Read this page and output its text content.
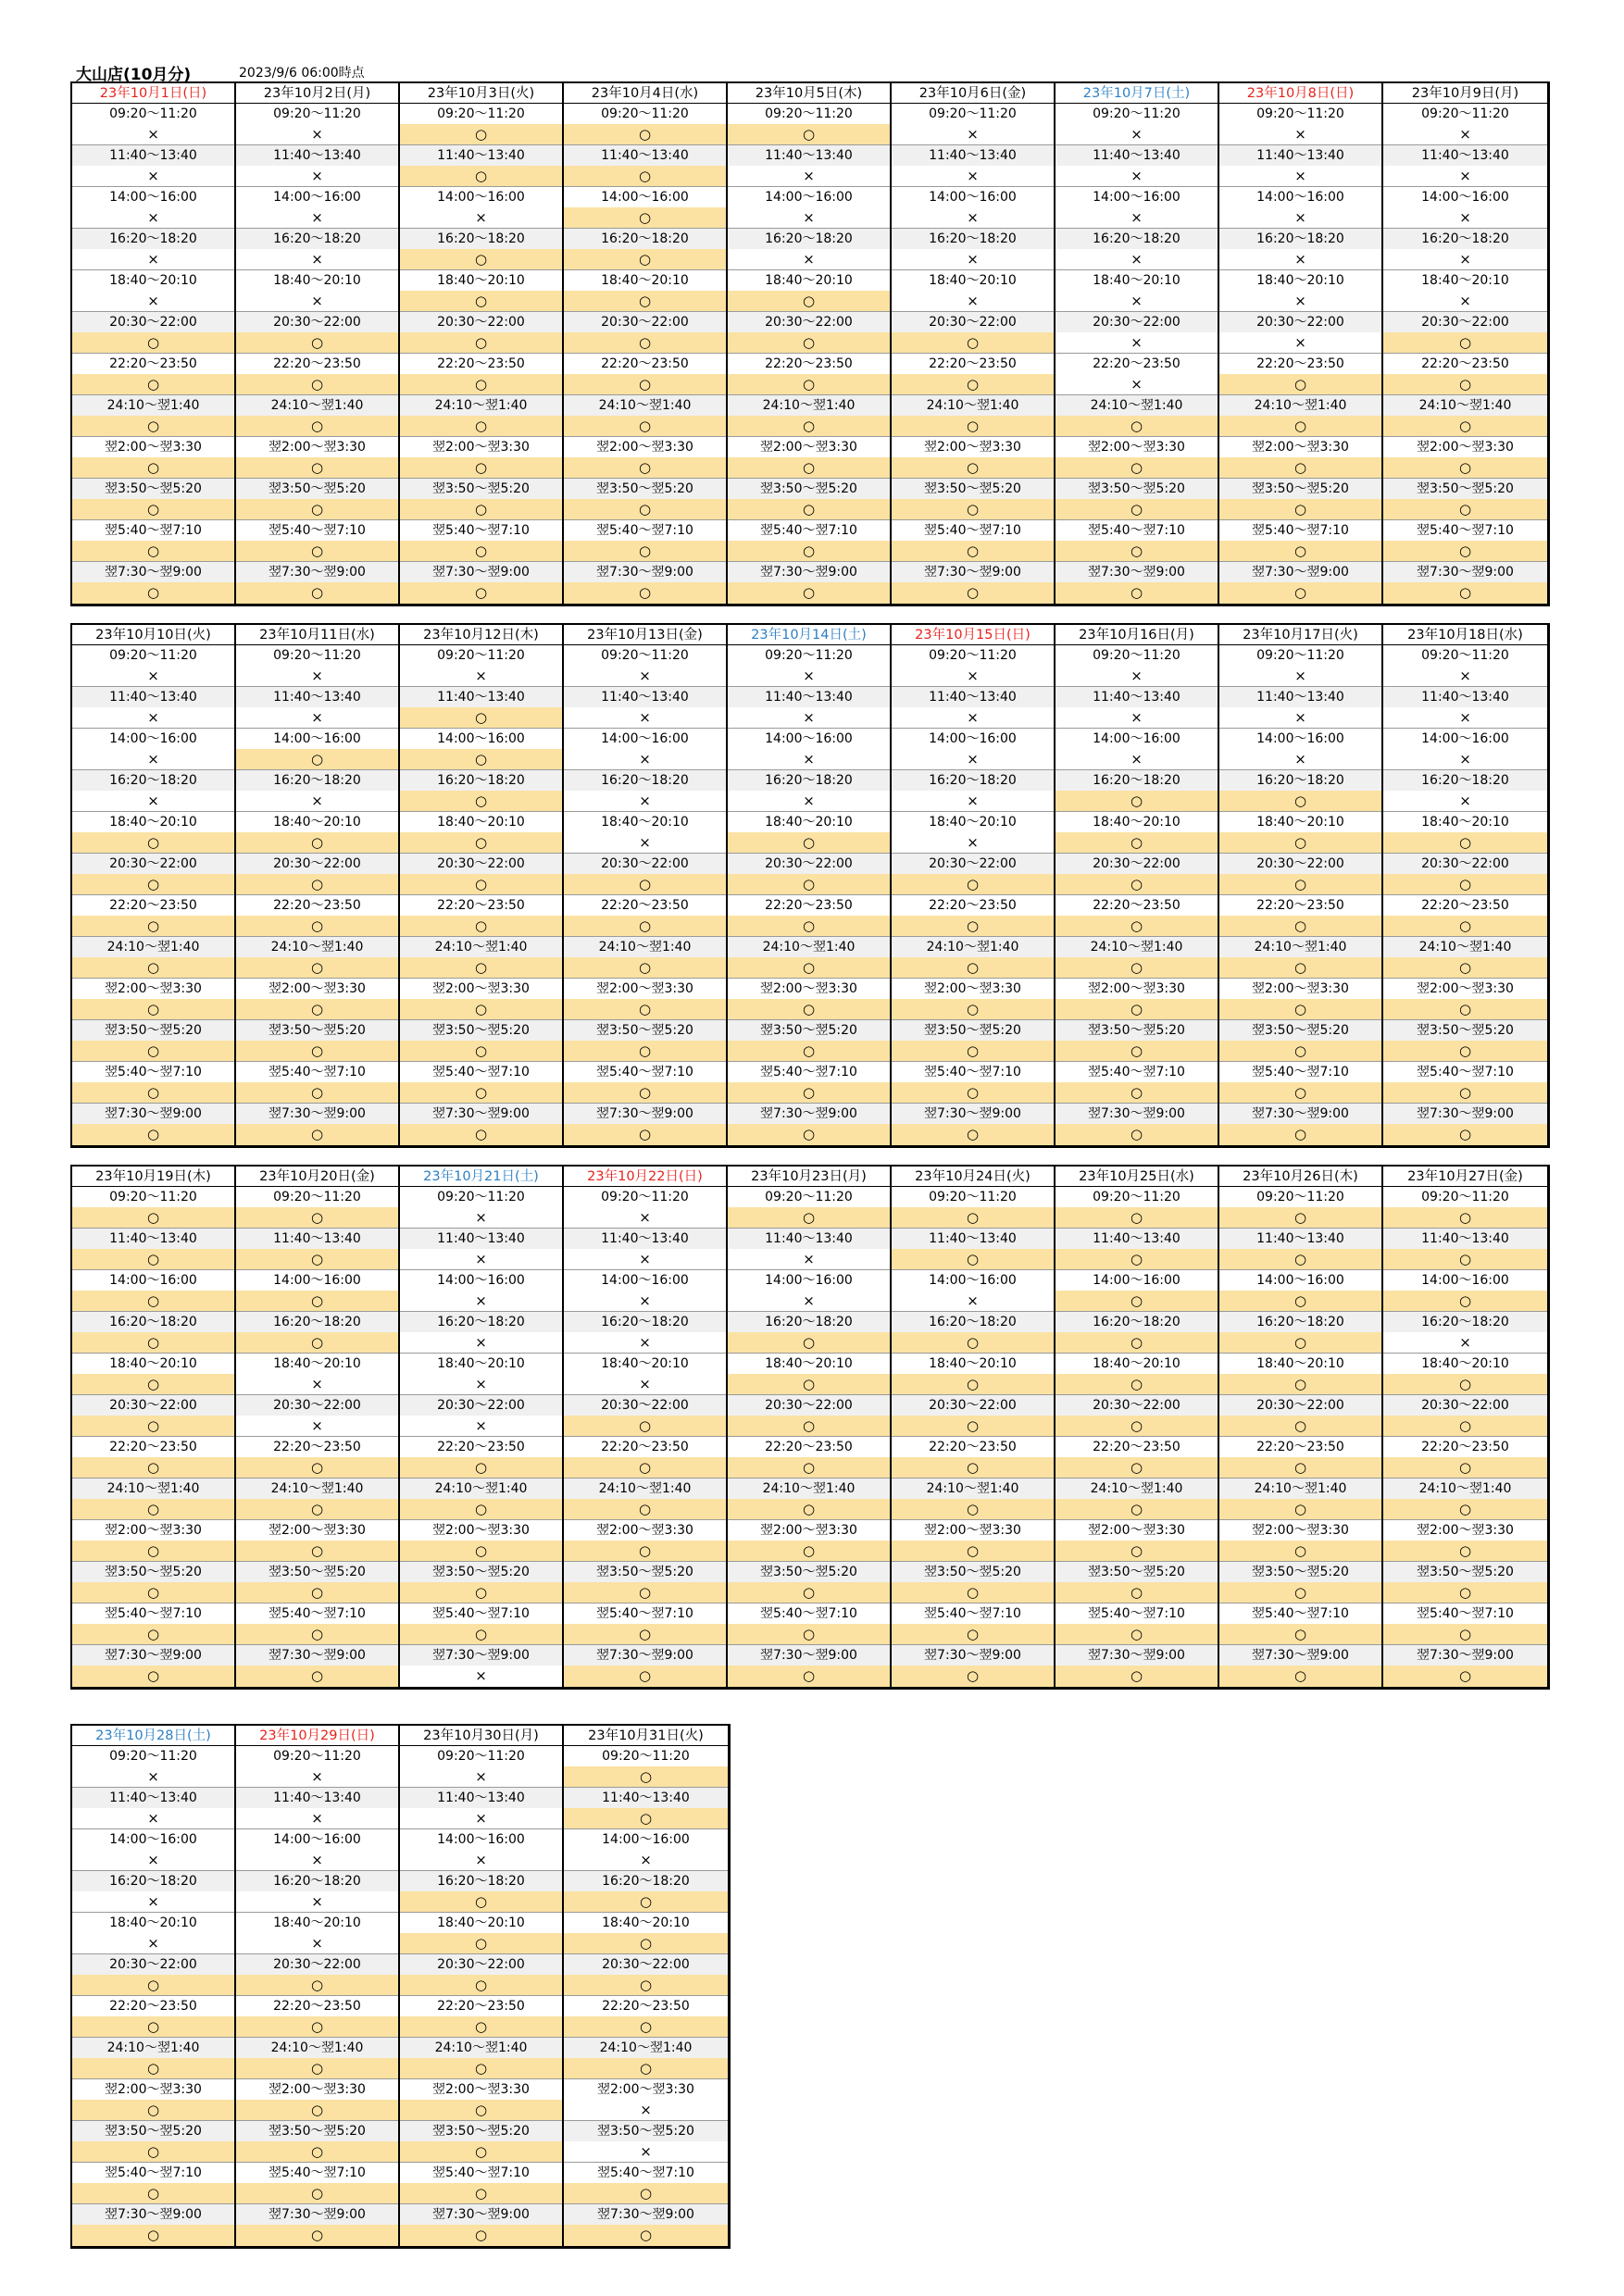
大山店(10月分)	2023/9/6 06:00時点
23年10月1日(日)
09:20～11:20
×
11:40～13:40
×
14:00～16:00
×
16:20～18:20
×
18:40～20:10
×
20:30～22:00
○
22:20～23:50
○
24:10～翌1:40
○
翌2:00～翌3:30
○
翌3:50～翌5:20
○
翌5:40～翌7:10
○
翌7:30～翌9:00
○
23年10月2日(月)
09:20～11:20
×
11:40～13:40
×
14:00～16:00
×
16:20～18:20
×
18:40～20:10
×
20:30～22:00
○
22:20～23:50
○
24:10～翌1:40
○
翌2:00～翌3:30
○
翌3:50～翌5:20
○
翌5:40～翌7:10
○
翌7:30～翌9:00
○
23年10月3日(火)
09:20～11:20
○
11:40～13:40
○
14:00～16:00
×
16:20～18:20
○
18:40～20:10
○
20:30～22:00
○
22:20～23:50
○
24:10～翌1:40
○
翌2:00～翌3:30
○
翌3:50～翌5:20
○
翌5:40～翌7:10
○
翌7:30～翌9:00
○
23年10月4日(水)
09:20～11:20
○
11:40～13:40
○
14:00～16:00
○
16:20～18:20
○
18:40～20:10
○
20:30～22:00
○
22:20～23:50
○
24:10～翌1:40
○
翌2:00～翌3:30
○
翌3:50～翌5:20
○
翌5:40～翌7:10
○
翌7:30～翌9:00
○
23年10月5日(木)
09:20～11:20
○
11:40～13:40
×
14:00～16:00
×
16:20～18:20
×
18:40～20:10
○
20:30～22:00
○
22:20～23:50
○
24:10～翌1:40
○
翌2:00～翌3:30
○
翌3:50～翌5:20
○
翌5:40～翌7:10
○
翌7:30～翌9:00
○
23年10月6日(金)
09:20～11:20
×
11:40～13:40
×
14:00～16:00
×
16:20～18:20
×
18:40～20:10
×
20:30～22:00
○
22:20～23:50
○
24:10～翌1:40
○
翌2:00～翌3:30
○
翌3:50～翌5:20
○
翌5:40～翌7:10
○
翌7:30～翌9:00
○
23年10月7日(土)
09:20～11:20
×
11:40～13:40
×
14:00～16:00
×
16:20～18:20
×
18:40～20:10
×
20:30～22:00
×
22:20～23:50
×
24:10～翌1:40
○
翌2:00～翌3:30
○
翌3:50～翌5:20
○
翌5:40～翌7:10
○
翌7:30～翌9:00
○
23年10月8日(日)
09:20～11:20
×
11:40～13:40
×
14:00～16:00
×
16:20～18:20
×
18:40～20:10
×
20:30～22:00
×
22:20～23:50
○
24:10～翌1:40
○
翌2:00～翌3:30
○
翌3:50～翌5:20
○
翌5:40～翌7:10
○
翌7:30～翌9:00
○
23年10月9日(月)
09:20～11:20
×
11:40～13:40
×
14:00～16:00
×
16:20～18:20
×
18:40～20:10
×
20:30～22:00
○
22:20～23:50
○
24:10～翌1:40
○
翌2:00～翌3:30
○
翌3:50～翌5:20
○
翌5:40～翌7:10
○
翌7:30～翌9:00
○
23年10月10日(火)
09:20～11:20
×
11:40～13:40
×
14:00～16:00
×
16:20～18:20
×
18:40～20:10
○
20:30～22:00
○
22:20～23:50
○
24:10～翌1:40
○
翌2:00～翌3:30
○
翌3:50～翌5:20
○
翌5:40～翌7:10
○
翌7:30～翌9:00
○
23年10月11日(水)
09:20～11:20
×
11:40～13:40
×
14:00～16:00
○
16:20～18:20
×
18:40～20:10
○
20:30～22:00
○
22:20～23:50
○
24:10～翌1:40
○
翌2:00～翌3:30
○
翌3:50～翌5:20
○
翌5:40～翌7:10
○
翌7:30～翌9:00
○
23年10月12日(木)
09:20～11:20
×
11:40～13:40
○
14:00～16:00
○
16:20～18:20
○
18:40～20:10
○
20:30～22:00
○
22:20～23:50
○
24:10～翌1:40
○
翌2:00～翌3:30
○
翌3:50～翌5:20
○
翌5:40～翌7:10
○
翌7:30～翌9:00
○
23年10月13日(金)
09:20～11:20
×
11:40～13:40
×
14:00～16:00
×
16:20～18:20
×
18:40～20:10
×
20:30～22:00
○
22:20～23:50
○
24:10～翌1:40
○
翌2:00～翌3:30
○
翌3:50～翌5:20
○
翌5:40～翌7:10
○
翌7:30～翌9:00
○
23年10月14日(土)
09:20～11:20
×
11:40～13:40
×
14:00～16:00
×
16:20～18:20
×
18:40～20:10
○
20:30～22:00
○
22:20～23:50
○
24:10～翌1:40
○
翌2:00～翌3:30
○
翌3:50～翌5:20
○
翌5:40～翌7:10
○
翌7:30～翌9:00
○
23年10月15日(日)
09:20～11:20
×
11:40～13:40
×
14:00～16:00
×
16:20～18:20
×
18:40～20:10
×
20:30～22:00
○
22:20～23:50
○
24:10～翌1:40
○
翌2:00～翌3:30
○
翌3:50～翌5:20
○
翌5:40～翌7:10
○
翌7:30～翌9:00
○
23年10月16日(月)
09:20～11:20
×
11:40～13:40
×
14:00～16:00
×
16:20～18:20
○
18:40～20:10
○
20:30～22:00
○
22:20～23:50
○
24:10～翌1:40
○
翌2:00～翌3:30
○
翌3:50～翌5:20
○
翌5:40～翌7:10
○
翌7:30～翌9:00
○
23年10月17日(火)
09:20～11:20
×
11:40～13:40
×
14:00～16:00
×
16:20～18:20
○
18:40～20:10
○
20:30～22:00
○
22:20～23:50
○
24:10～翌1:40
○
翌2:00～翌3:30
○
翌3:50～翌5:20
○
翌5:40～翌7:10
○
翌7:30～翌9:00
○
23年10月18日(水)
09:20～11:20
×
11:40～13:40
×
14:00～16:00
×
16:20～18:20
×
18:40～20:10
○
20:30～22:00
○
22:20～23:50
○
24:10～翌1:40
○
翌2:00～翌3:30
○
翌3:50～翌5:20
○
翌5:40～翌7:10
○
翌7:30～翌9:00
○
23年10月19日(木)
09:20～11:20
○
11:40～13:40
○
14:00～16:00
○
16:20～18:20
○
18:40～20:10
○
20:30～22:00
○
22:20～23:50
○
24:10～翌1:40
○
翌2:00～翌3:30
○
翌3:50～翌5:20
○
翌5:40～翌7:10
○
翌7:30～翌9:00
○
23年10月20日(金)
09:20～11:20
○
11:40～13:40
○
14:00～16:00
○
16:20～18:20
○
18:40～20:10
×
20:30～22:00
×
22:20～23:50
○
24:10～翌1:40
○
翌2:00～翌3:30
○
翌3:50～翌5:20
○
翌5:40～翌7:10
○
翌7:30～翌9:00
○
23年10月21日(土)
09:20～11:20
×
11:40～13:40
×
14:00～16:00
×
16:20～18:20
×
18:40～20:10
×
20:30～22:00
×
22:20～23:50
○
24:10～翌1:40
○
翌2:00～翌3:30
○
翌3:50～翌5:20
○
翌5:40～翌7:10
○
翌7:30～翌9:00
×
23年10月22日(日)
09:20～11:20
×
11:40～13:40
×
14:00～16:00
×
16:20～18:20
×
18:40～20:10
×
20:30～22:00
○
22:20～23:50
○
24:10～翌1:40
○
翌2:00～翌3:30
○
翌3:50～翌5:20
○
翌5:40～翌7:10
○
翌7:30～翌9:00
○
23年10月23日(月)
09:20～11:20
○
11:40～13:40
×
14:00～16:00
×
16:20～18:20
○
18:40～20:10
○
20:30～22:00
○
22:20～23:50
○
24:10～翌1:40
○
翌2:00～翌3:30
○
翌3:50～翌5:20
○
翌5:40～翌7:10
○
翌7:30～翌9:00
○
23年10月24日(火)
09:20～11:20
○
11:40～13:40
○
14:00～16:00
×
16:20～18:20
○
18:40～20:10
○
20:30～22:00
○
22:20～23:50
○
24:10～翌1:40
○
翌2:00～翌3:30
○
翌3:50～翌5:20
○
翌5:40～翌7:10
○
翌7:30～翌9:00
○
23年10月25日(水)
09:20～11:20
○
11:40～13:40
○
14:00～16:00
○
16:20～18:20
○
18:40～20:10
○
20:30～22:00
○
22:20～23:50
○
24:10～翌1:40
○
翌2:00～翌3:30
○
翌3:50～翌5:20
○
翌5:40～翌7:10
○
翌7:30～翌9:00
○
23年10月26日(木)
09:20～11:20
○
11:40～13:40
○
14:00～16:00
○
16:20～18:20
○
18:40～20:10
○
20:30～22:00
○
22:20～23:50
○
24:10～翌1:40
○
翌2:00～翌3:30
○
翌3:50～翌5:20
○
翌5:40～翌7:10
○
翌7:30～翌9:00
○
23年10月27日(金)
09:20～11:20
○
11:40～13:40
○
14:00～16:00
○
16:20～18:20
×
18:40～20:10
○
20:30～22:00
○
22:20～23:50
○
24:10～翌1:40
○
翌2:00～翌3:30
○
翌3:50～翌5:20
○
翌5:40～翌7:10
○
翌7:30～翌9:00
○
23年10月28日(土)
09:20～11:20
×
11:40～13:40
×
14:00～16:00
×
16:20～18:20
×
18:40～20:10
×
20:30～22:00
○
22:20～23:50
○
24:10～翌1:40
○
翌2:00～翌3:30
○
翌3:50～翌5:20
○
翌5:40～翌7:10
○
翌7:30～翌9:00
○
23年10月29日(日)
09:20～11:20
×
11:40～13:40
×
14:00～16:00
×
16:20～18:20
×
18:40～20:10
×
20:30～22:00
○
22:20～23:50
○
24:10～翌1:40
○
翌2:00～翌3:30
○
翌3:50～翌5:20
○
翌5:40～翌7:10
○
翌7:30～翌9:00
○
23年10月30日(月)
09:20～11:20
×
11:40～13:40
×
14:00～16:00
×
16:20～18:20
○
18:40～20:10
○
20:30～22:00
○
22:20～23:50
○
24:10～翌1:40
○
翌2:00～翌3:30
○
翌3:50～翌5:20
○
翌5:40～翌7:10
○
翌7:30～翌9:00
○
23年10月31日(火)
09:20～11:20
○
11:40～13:40
○
14:00～16:00
×
16:20～18:20
○
18:40～20:10
○
20:30～22:00
○
22:20～23:50
○
24:10～翌1:40
○
翌2:00～翌3:30
×
翌3:50～翌5:20
×
翌5:40～翌7:10
○
翌7:30～翌9:00
○
